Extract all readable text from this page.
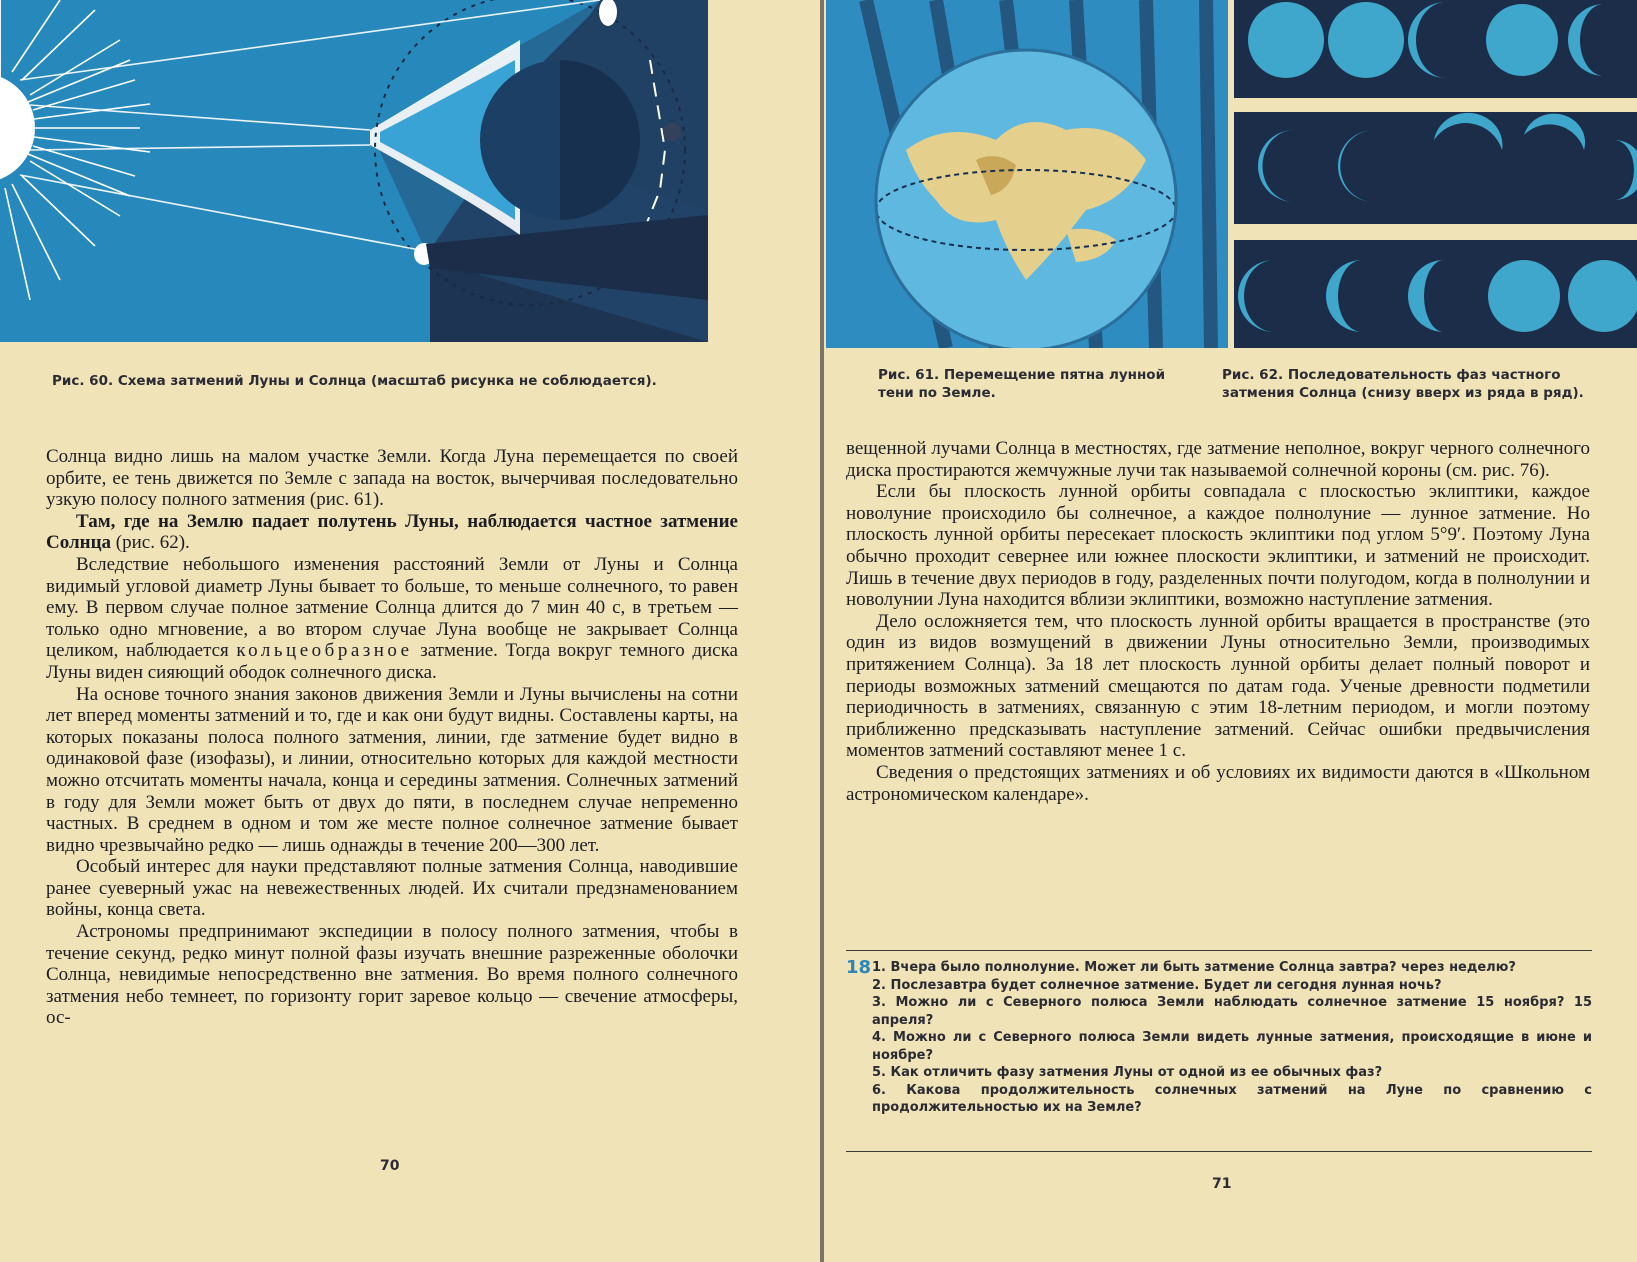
Рис. 60. Схема затмений Луны и Солнца (масштаб рисунка не соблюдается).

Солнца видно лишь на малом участке Земли. Когда Луна перемещается по своей орбите, ее тень движется по Земле с запада на восток, вычерчивая последовательно узкую полосу полного затмения (рис. 61).

Там, где на Землю падает полутень Луны, наблюдается частное затмение Солнца (рис. 62).

Вследствие небольшого изменения расстояний Земли от Луны и Солнца видимый угловой диаметр Луны бывает то больше, то меньше солнечного, то равен ему. В первом случае полное затмение Солнца длится до 7 мин 40 с, в третьем — только одно мгновение, а во втором случае Луна вообще не закрывает Солнца целиком, наблюдается кольцеобразное затмение. Тогда вокруг темного диска Луны виден сияющий ободок солнечного диска.

На основе точного знания законов движения Земли и Луны вычислены на сотни лет вперед моменты затмений и то, где и как они будут видны. Составлены карты, на которых показаны полоса полного затмения, линии, где затмение будет видно в одинаковой фазе (изофазы), и линии, относительно которых для каждой местности можно отсчитать моменты начала, конца и середины затмения. Солнечных затмений в году для Земли может быть от двух до пяти, в последнем случае непременно частных. В среднем в одном и том же месте полное солнечное затмение бывает видно чрезвычайно редко — лишь однажды в течение 200—300 лет.

Особый интерес для науки представляют полные затмения Солнца, наводившие ранее суеверный ужас на невежественных людей. Их считали предзнаменованием войны, конца света.

Астрономы предпринимают экспедиции в полосу полного затмения, чтобы в течение секунд, редко минут полной фазы изучать внешние разреженные оболочки Солнца, невидимые непосредственно вне затмения. Во время полного солнечного затмения небо темнеет, по горизонту горит заревое кольцо — свечение атмосферы, ос-

70
Рис. 61. Перемещение пятна лунной тени по Земле.
Рис. 62. Последовательность фаз частного затмения Солнца (снизу вверх из ряда в ряд).

вещенной лучами Солнца в местностях, где затмение неполное, вокруг черного солнечного диска простираются жемчужные лучи так называемой солнечной короны (см. рис. 76).

Если бы плоскость лунной орбиты совпадала с плоскостью эклиптики, каждое новолуние происходило бы солнечное, а каждое полнолуние — лунное затмение. Но плоскость лунной орбиты пересекает плоскость эклиптики под углом 5°9′. Поэтому Луна обычно проходит севернее или южнее плоскости эклиптики, и затмений не происходит. Лишь в течение двух периодов в году, разделенных почти полугодом, когда в полнолунии и новолунии Луна находится вблизи эклиптики, возможно наступление затмения.

Дело осложняется тем, что плоскость лунной орбиты вращается в пространстве (это один из видов возмущений в движении Луны относительно Земли, производимых притяжением Солнца). За 18 лет плоскость лунной орбиты делает полный поворот и периоды возможных затмений смещаются по датам года. Ученые древности подметили периодичность в затмениях, связанную с этим 18-летним периодом, и могли поэтому приближенно предсказывать наступление затмений. Сейчас ошибки предвычисления моментов затмений составляют менее 1 с.

Сведения о предстоящих затмениях и об условиях их видимости даются в «Школьном астрономическом календаре».

18 1. Вчера было полнолуние. Может ли быть затмение Солнца завтра? через неделю?
2. Послезавтра будет солнечное затмение. Будет ли сегодня лунная ночь?
3. Можно ли с Северного полюса Земли наблюдать солнечное затмение 15 ноября? 15 апреля?
4. Можно ли с Северного полюса Земли видеть лунные затмения, происходящие в июне и ноябре?
5. Как отличить фазу затмения Луны от одной из ее обычных фаз?
6. Какова продолжительность солнечных затмений на Луне по сравнению с продолжительностью их на Земле?
71
